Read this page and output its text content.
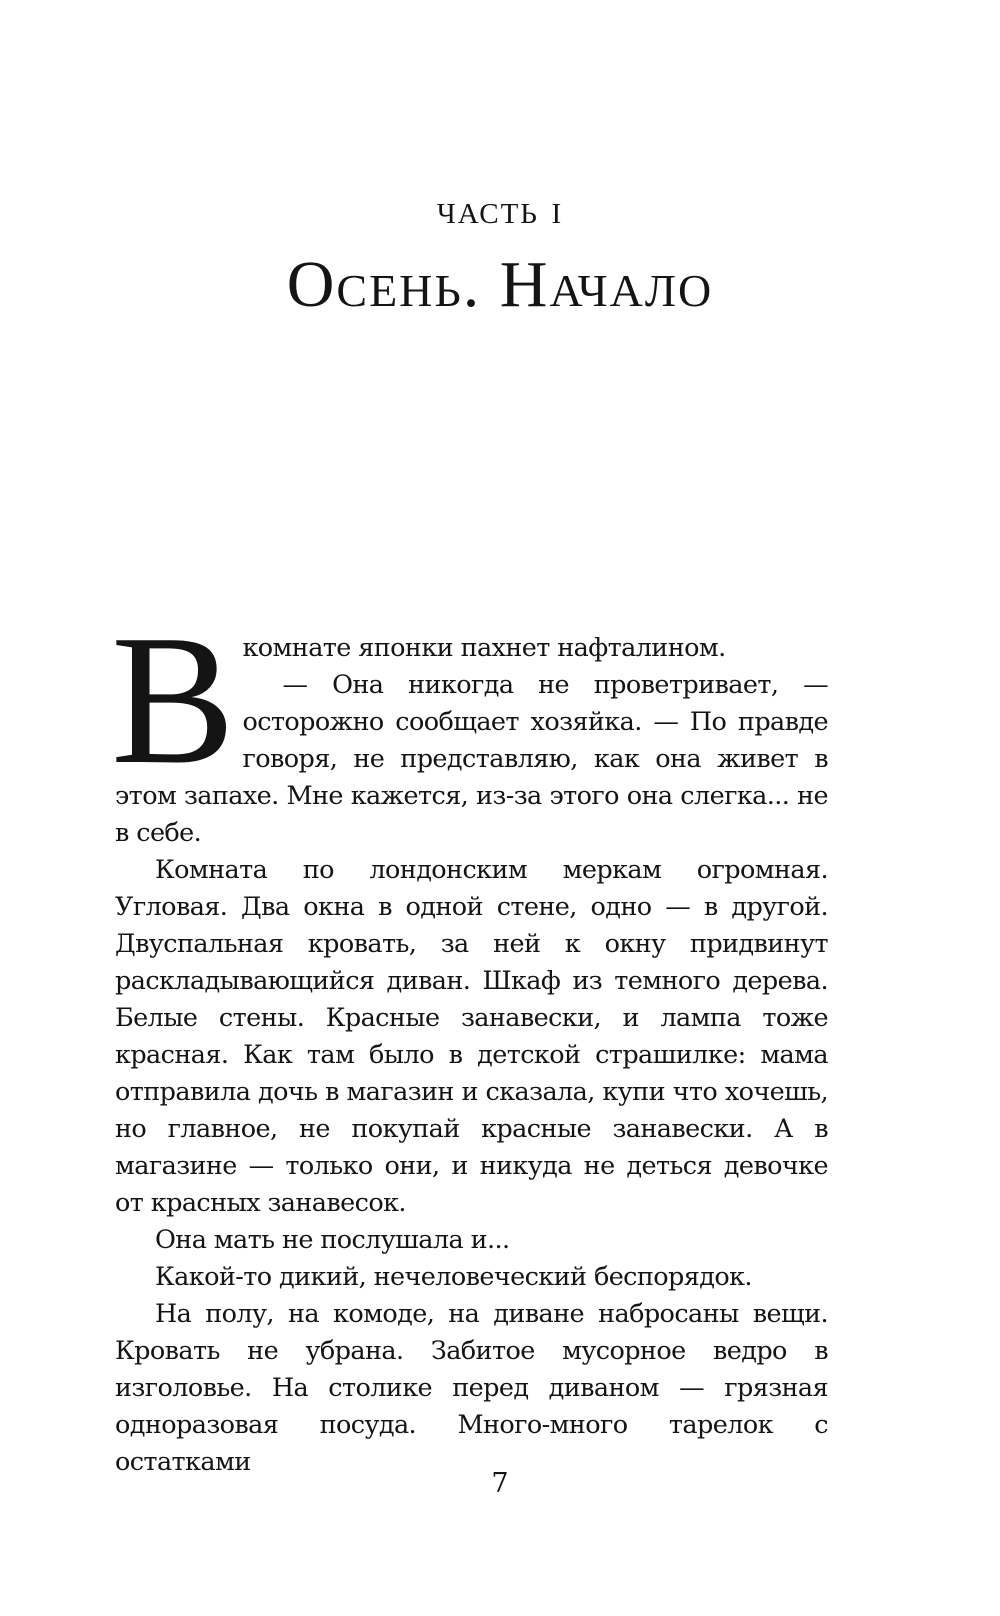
часть i
Осень. Начало

В комнате японки пахнет нафталином.

— Она никогда не проветривает, — осторожно сообщает хозяйка. — По правде говоря, не представляю, как она живет в этом запахе. Мне кажется, из-за этого она слегка... не в себе.

Комната по лондонским меркам огромная. Угловая. Два окна в одной стене, одно — в другой. Двуспальная кровать, за ней к окну придвинут раскладывающийся диван. Шкаф из темного дерева. Белые стены. Красные занавески, и лампа тоже красная. Как там было в детской страшилке: мама отправила дочь в магазин и сказала, купи что хочешь, но главное, не покупай красные занавески. А в магазине — только они, и никуда не деться девочке от красных занавесок.

Она мать не послушала и...

Какой-то дикий, нечеловеческий беспорядок.

На полу, на комоде, на диване набросаны вещи. Кровать не убрана. Забитое мусорное ведро в изголовье. На столике перед диваном — грязная одноразовая посуда. Много-много тарелок с остатками

7
